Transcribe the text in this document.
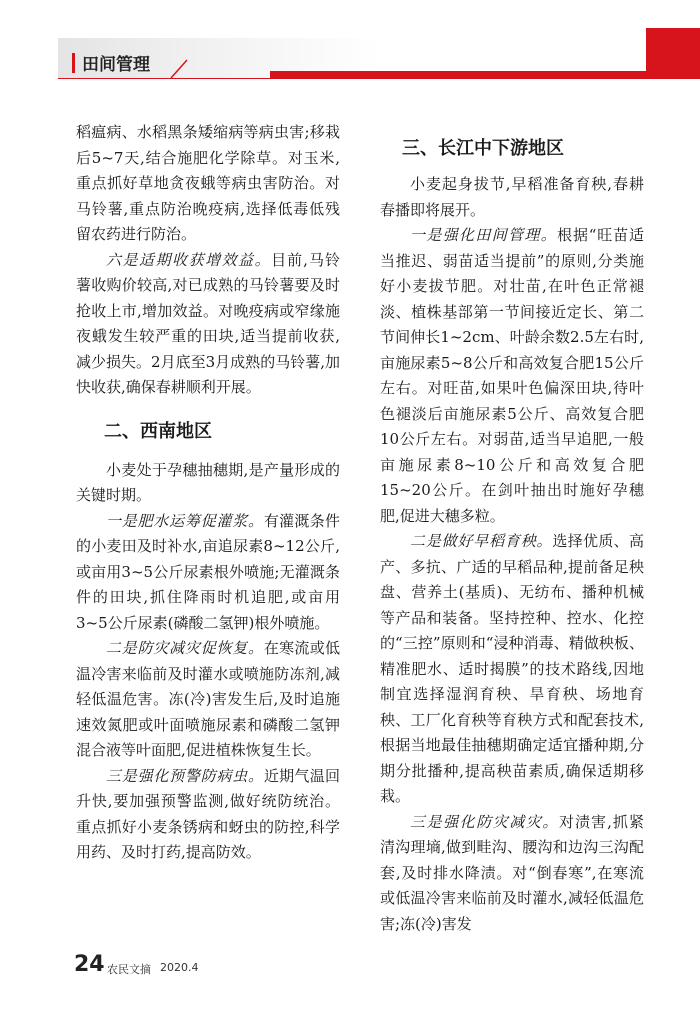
田间管理

稻瘟病、水稻黑条矮缩病等病虫害;移栽后5~7天,结合施肥化学除草。对玉米,重点抓好草地贪夜蛾等病虫害防治。对马铃薯,重点防治晚疫病,选择低毒低残留农药进行防治。

六是适期收获增效益。目前,马铃薯收购价较高,对已成熟的马铃薯要及时抢收上市,增加效益。对晚疫病或窄缘施夜蛾发生较严重的田块,适当提前收获,减少损失。2月底至3月成熟的马铃薯,加快收获,确保春耕顺利开展。

二、西南地区

小麦处于孕穗抽穗期,是产量形成的关键时期。

一是肥水运筹促灌浆。有灌溉条件的小麦田及时补水,亩追尿素8~12公斤,或亩用3~5公斤尿素根外喷施;无灌溉条件的田块,抓住降雨时机追肥,或亩用3~5公斤尿素(磷酸二氢钾)根外喷施。

二是防灾减灾促恢复。在寒流或低温冷害来临前及时灌水或喷施防冻剂,减轻低温危害。冻(冷)害发生后,及时追施速效氮肥或叶面喷施尿素和磷酸二氢钾混合液等叶面肥,促进植株恢复生长。

三是强化预警防病虫。近期气温回升快,要加强预警监测,做好统防统治。重点抓好小麦条锈病和蚜虫的防控,科学用药、及时打药,提高防效。

三、长江中下游地区

小麦起身拔节,早稻准备育秧,春耕春播即将展开。

一是强化田间管理。根据“旺苗适当推迟、弱苗适当提前”的原则,分类施好小麦拔节肥。对壮苗,在叶色正常褪淡、植株基部第一节间接近定长、第二节间伸长1~2cm、叶龄余数2.5左右时,亩施尿素5~8公斤和高效复合肥15公斤左右。对旺苗,如果叶色偏深田块,待叶色褪淡后亩施尿素5公斤、高效复合肥10公斤左右。对弱苗,适当早追肥,一般亩施尿素8~10公斤和高效复合肥15~20公斤。在剑叶抽出时施好孕穗肥,促进大穗多粒。

二是做好早稻育秧。选择优质、高产、多抗、广适的早稻品种,提前备足秧盘、营养土(基质)、无纺布、播种机械等产品和装备。坚持控种、控水、化控的“三控”原则和“浸种消毒、精做秧板、精准肥水、适时揭膜”的技术路线,因地制宜选择湿润育秧、旱育秧、场地育秧、工厂化育秧等育秧方式和配套技术,根据当地最佳抽穗期确定适宜播种期,分期分批播种,提高秧苗素质,确保适期移栽。

三是强化防灾减灾。对渍害,抓紧清沟理墒,做到畦沟、腰沟和边沟三沟配套,及时排水降渍。对“倒春寒”,在寒流或低温冷害来临前及时灌水,减轻低温危害;冻(冷)害发

24 农民文摘 2020.4
